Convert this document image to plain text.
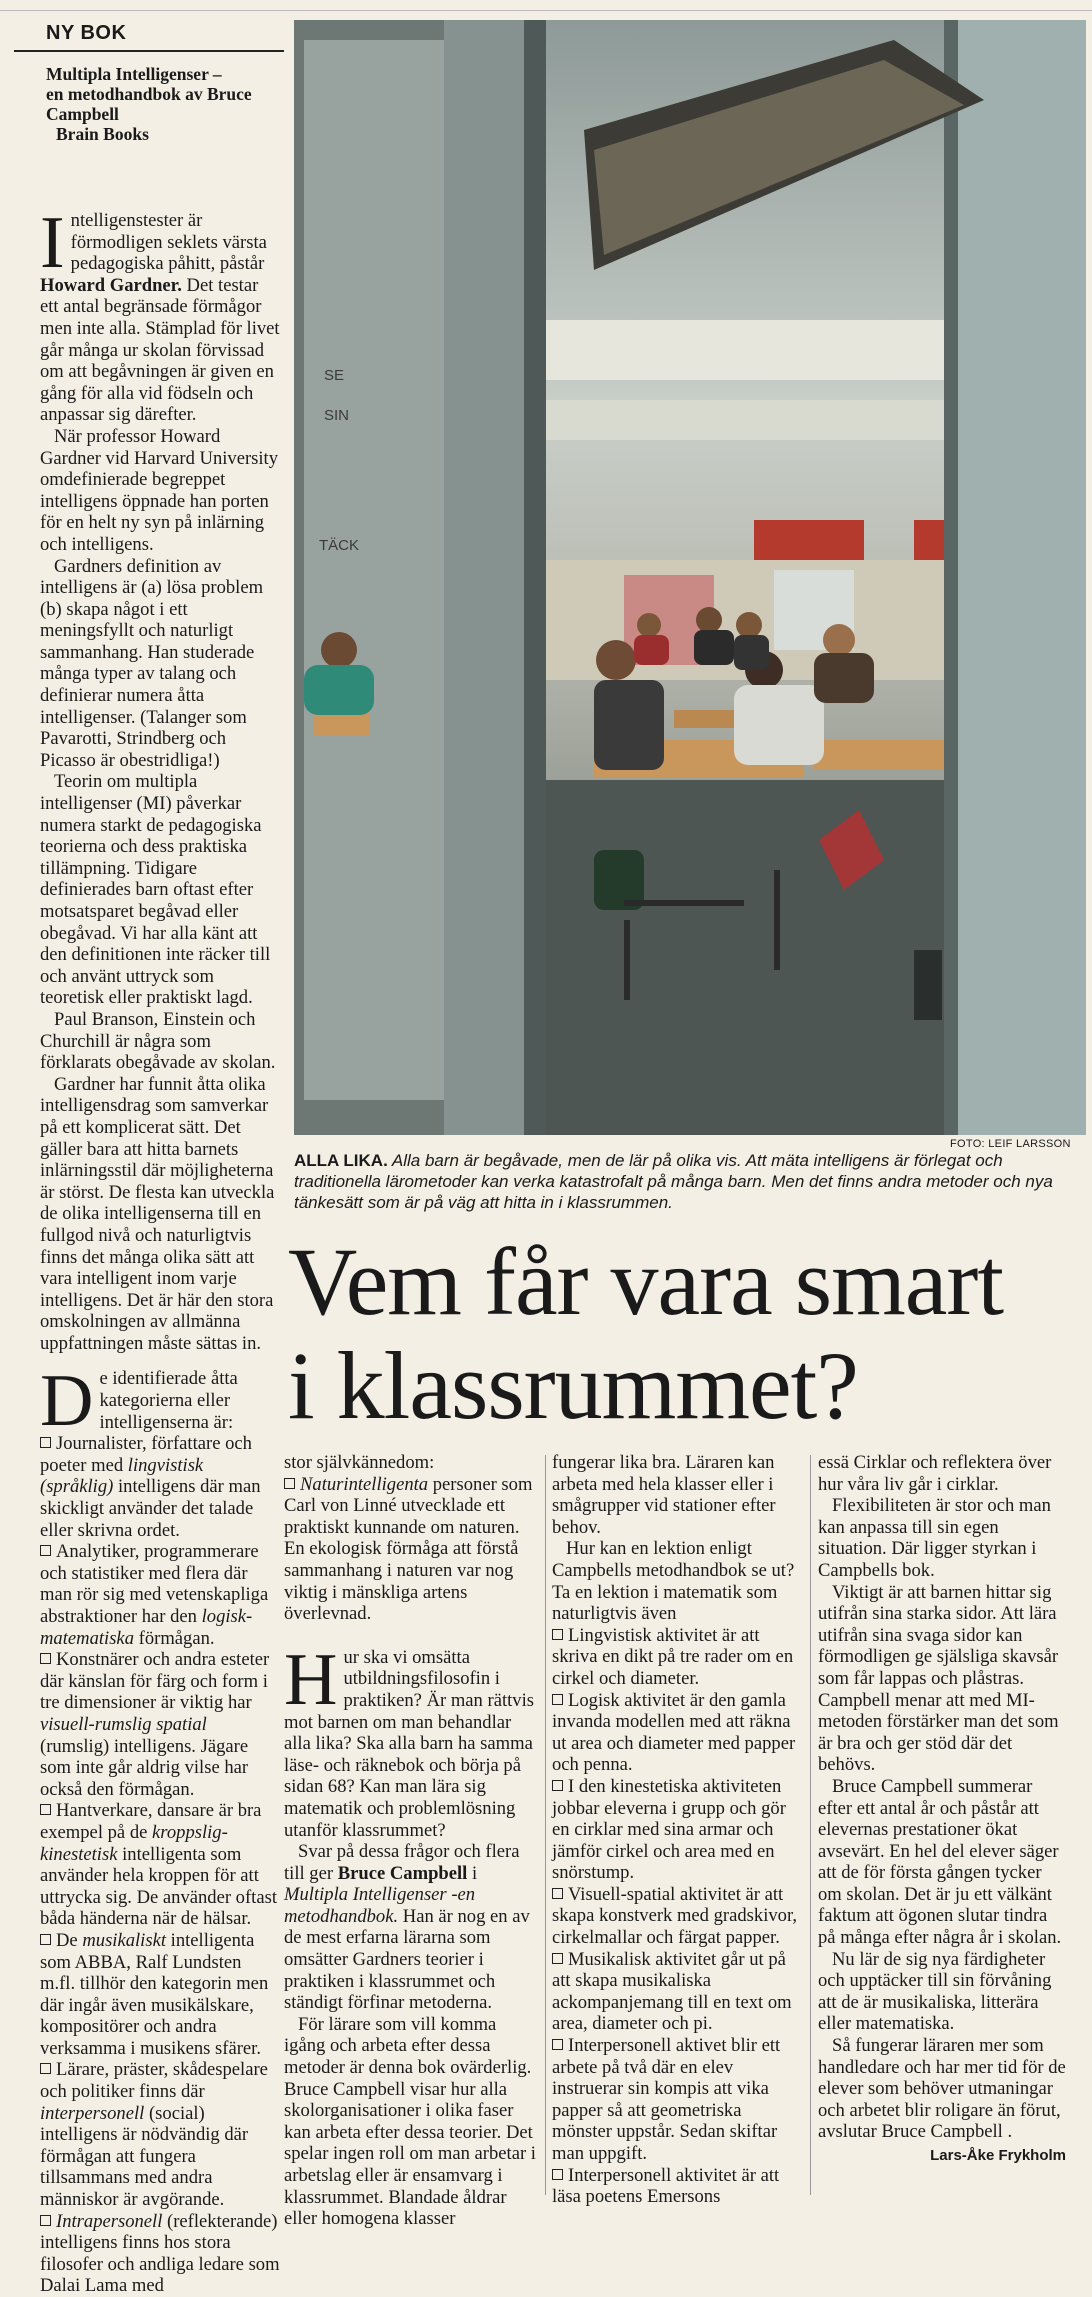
NY BOK
Multipla Intelligenser –
en metodhandbok av Bruce
Campbell
Brain Books

Intelligenstester är förmodligen seklets värsta pedagogiska påhitt, påstår Howard Gardner. Det testar ett antal begränsade förmågor men inte alla. Stämplad för livet går många ur skolan förvissad om att begåvningen är given en gång för alla vid födseln och anpassar sig därefter.

När professor Howard Gardner vid Harvard University omdefinierade begreppet intelligens öppnade han porten för en helt ny syn på inlärning och intelligens.

Gardners definition av intelligens är (a) lösa problem (b) skapa något i ett meningsfyllt och naturligt sammanhang. Han studerade många typer av talang och definierar numera åtta intelligenser. (Talanger som Pavarotti, Strindberg och Picasso är obestridliga!)

Teorin om multipla intelligenser (MI) påverkar numera starkt de pedagogiska teorierna och dess praktiska tillämpning. Tidigare definierades barn oftast efter motsatsparet begåvad eller obegåvad. Vi har alla känt att den definitionen inte räcker till och använt uttryck som teoretisk eller praktiskt lagd.

Paul Branson, Einstein och Churchill är några som förklarats obegåvade av skolan.

Gardner har funnit åtta olika intelligensdrag som samverkar på ett komplicerat sätt. Det gäller bara att hitta barnets inlärningsstil där möjligheterna är störst. De flesta kan utveckla de olika intelligenserna till en fullgod nivå och naturligtvis finns det många olika sätt att vara intelligent inom varje intelligens. Det är här den stora omskolningen av allmänna uppfattningen måste sättas in.

De identifierade åtta kategorierna eller intelligenserna är:

Journalister, författare och poeter med lingvistisk (språklig) intelligens där man skickligt använder det talade eller skrivna ordet.

Analytiker, programmerare och statistiker med flera där man rör sig med vetenskapliga abstraktioner har den logisk-matematiska förmågan.

Konstnärer och andra esteter där känslan för färg och form i tre dimensioner är viktig har visuell-rumslig spatial (rumslig) intelligens. Jägare som inte går aldrig vilse har också den förmågan.

Hantverkare, dansare är bra exempel på de kroppslig-kinestetisk intelligenta som använder hela kroppen för att uttrycka sig. De använder oftast båda händerna när de hälsar.

De musikaliskt intelligenta som ABBA, Ralf Lundsten m.fl. tillhör den kategorin men där ingår även musikälskare, kompositörer och andra verksamma i musikens sfärer.

Lärare, präster, skådespelare och politiker finns där interpersonell (social) intelligens är nödvändig där förmågan att fungera tillsammans med andra människor är avgörande.

Intrapersonell (reflekterande) intelligens finns hos stora filosofer och andliga ledare som Dalai Lama med

SE
SIN
TÄCK
FOTO: LEIF LARSSON
ALLA LIKA. Alla barn är begåvade, men de lär på olika vis. Att mäta intelligens är förlegat och traditionella lärometoder kan verka katastrofalt på många barn. Men det finns andra metoder och nya tänkesätt som är på väg att hitta in i klassrummen.
Vem får vara smart
i klassrummet?

stor självkännedom:

Naturintelligenta personer som Carl von Linné utvecklade ett praktiskt kunnande om naturen. En ekologisk förmåga att förstå sammanhang i naturen var nog viktig i mänskliga artens överlevnad.

Hur ska vi omsätta utbildningsfilosofin i praktiken? Är man rättvis mot barnen om man behandlar alla lika? Ska alla barn ha samma läse- och räknebok och börja på sidan 68? Kan man lära sig matematik och problemlösning utanför klassrummet?

Svar på dessa frågor och flera till ger Bruce Campbell i Multipla Intelligenser -en metodhandbok. Han är nog en av de mest erfarna lärarna som omsätter Gardners teorier i praktiken i klassrummet och ständigt förfinar metoderna.

För lärare som vill komma igång och arbeta efter dessa metoder är denna bok ovärderlig. Bruce Campbell visar hur alla skolorganisationer i olika faser kan arbeta efter dessa teorier. Det spelar ingen roll om man arbetar i arbetslag eller är ensamvarg i klassrummet. Blandade åldrar eller homogena klasser

fungerar lika bra. Läraren kan arbeta med hela klasser eller i smågrupper vid stationer efter behov.

Hur kan en lektion enligt Campbells metodhandbok se ut? Ta en lektion i matematik som naturligtvis även

Lingvistisk aktivitet är att skriva en dikt på tre rader om en cirkel och diameter.

Logisk aktivitet är den gamla invanda modellen med att räkna ut area och diameter med papper och penna.

I den kinestetiska aktiviteten jobbar eleverna i grupp och gör en cirklar med sina armar och jämför cirkel och area med en snörstump.

Visuell-spatial aktivitet är att skapa konstverk med gradskivor, cirkelmallar och färgat papper.

Musikalisk aktivitet går ut på att skapa musikaliska ackompanjemang till en text om area, diameter och pi.

Interpersonell aktivet blir ett arbete på två där en elev instruerar sin kompis att vika papper så att geometriska mönster uppstår. Sedan skiftar man uppgift.

Interpersonell aktivitet är att läsa poetens Emersons

essä Cirklar och reflektera över hur våra liv går i cirklar.

Flexibiliteten är stor och man kan anpassa till sin egen situation. Där ligger styrkan i Campbells bok.

Viktigt är att barnen hittar sig utifrån sina starka sidor. Att lära utifrån sina svaga sidor kan förmodligen ge själsliga skavsår som får lappas och plåstras. Campbell menar att med MI-metoden förstärker man det som är bra och ger stöd där det behövs.

Bruce Campbell summerar efter ett antal år och påstår att elevernas prestationer ökat avsevärt. En hel del elever säger att de för första gången tycker om skolan. Det är ju ett välkänt faktum att ögonen slutar tindra på många efter några år i skolan.

Nu lär de sig nya färdigheter och upptäcker till sin förvåning att de är musikaliska, litterära eller matematiska.

Så fungerar läraren mer som handledare och har mer tid för de elever som behöver utmaningar och arbetet blir roligare än förut, avslutar Bruce Campbell .

Lars-Åke Frykholm
